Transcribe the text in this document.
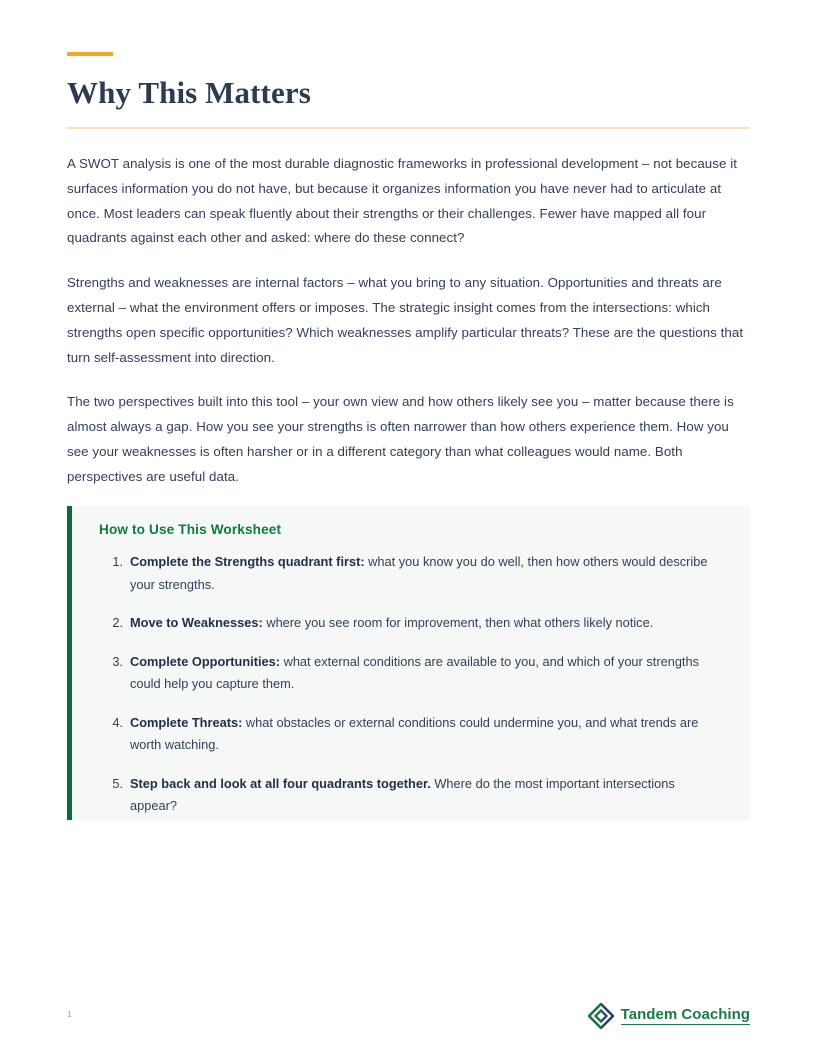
Why This Matters

A SWOT analysis is one of the most durable diagnostic frameworks in professional development – not because it surfaces information you do not have, but because it organizes information you have never had to articulate at once. Most leaders can speak fluently about their strengths or their challenges. Fewer have mapped all four quadrants against each other and asked: where do these connect?

Strengths and weaknesses are internal factors – what you bring to any situation. Opportunities and threats are external – what the environment offers or imposes. The strategic insight comes from the intersections: which strengths open specific opportunities? Which weaknesses amplify particular threats? These are the questions that turn self-assessment into direction.

The two perspectives built into this tool – your own view and how others likely see you – matter because there is almost always a gap. How you see your strengths is often narrower than how others experience them. How you see your weaknesses is often harsher or in a different category than what colleagues would name. Both perspectives are useful data.

How to Use This Worksheet
1. Complete the Strengths quadrant first: what you know you do well, then how others would describe your strengths.
2. Move to Weaknesses: where you see room for improvement, then what others likely notice.
3. Complete Opportunities: what external conditions are available to you, and which of your strengths could help you capture them.
4. Complete Threats: what obstacles or external conditions could undermine you, and what trends are worth watching.
5. Step back and look at all four quadrants together. Where do the most important intersections appear?
1	Tandem Coaching
